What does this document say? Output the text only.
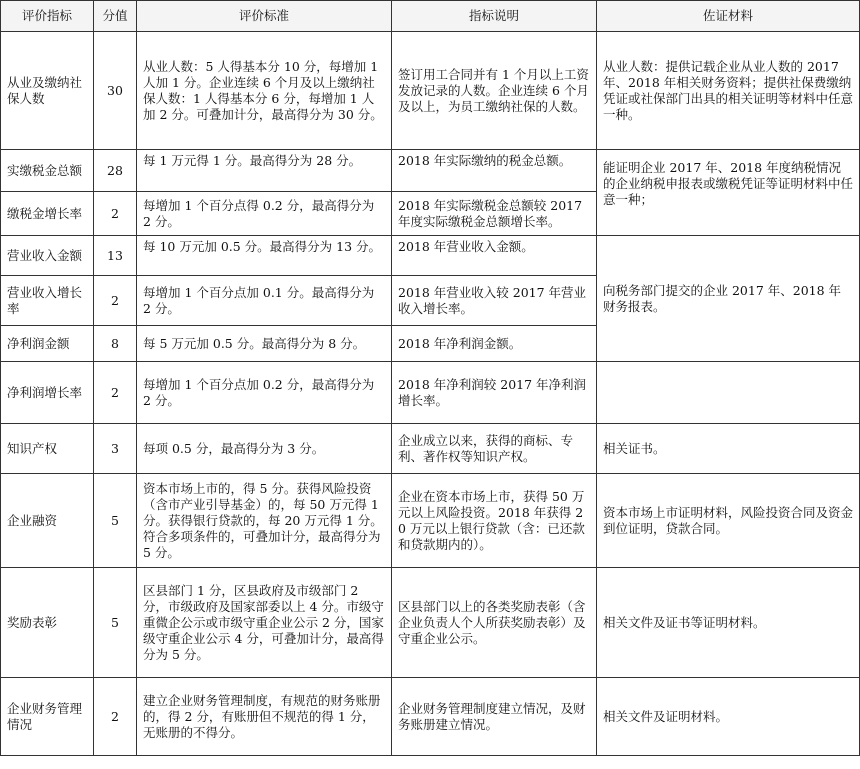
评价指标	分值	评价标准	指标说明	佐证材料
从业及缴纳社保人数	30	从业人数：5 人得基本分 10 分，每增加 1 人加 1 分。企业连续 6 个月及以上缴纳社保人数：1 人得基本分 6 分，每增加 1 人加 2 分。可叠加计分，最高得分为 30 分。	签订用工合同并有 1 个月以上工资发放记录的人数。企业连续 6 个月及以上，为员工缴纳社保的人数。	从业人数：提供记载企业从业人数的 2017 年、2018 年相关财务资料；提供社保费缴纳凭证或社保部门出具的相关证明等材料中任意一种。
实缴税金总额	28	每 1 万元得 1 分。最高得分为 28 分。	2018 年实际缴纳的税金总额。	能证明企业 2017 年、2018 年度纳税情况的企业纳税申报表或缴税凭证等证明材料中任意一种；
缴税金增长率	2	每增加 1 个百分点得 0.2 分，最高得分为 2 分。	2018 年实际缴税金总额较 2017 年度实际缴税金总额增长率。	
营业收入金额	13	每 10 万元加 0.5 分。最高得分为 13 分。	2018 年营业收入金额。	向税务部门提交的企业 2017 年、2018 年财务报表。
营业收入增长率	2	每增加 1 个百分点加 0.1 分。最高得分为 2 分。	2018 年营业收入较 2017 年营业收入增长率。	
净利润金额	8	每 5 万元加 0.5 分。最高得分为 8 分。	2018 年净利润金额。	
净利润增长率	2	每增加 1 个百分点加 0.2 分，最高得分为 2 分。	2018 年净利润较 2017 年净利润增长率。	
知识产权	3	每项 0.5 分，最高得分为 3 分。	企业成立以来，获得的商标、专利、著作权等知识产权。	相关证书。
企业融资	5	资本市场上市的，得 5 分。获得风险投资（含市产业引导基金）的，每 50 万元得 1 分。获得银行贷款的，每 20 万元得 1 分。符合多项条件的，可叠加计分，最高得分为 5 分。	企业在资本市场上市，获得 50 万元以上风险投资。2018 年获得 20 万元以上银行贷款（含：已还款和贷款期内的）。	资本市场上市证明材料，风险投资合同及资金到位证明，贷款合同。
奖励表彰	5	区县部门 1 分，区县政府及市级部门 2 分，市级政府及国家部委以上 4 分。市级守重微企公示或市级守重企业公示 2 分，国家级守重企业公示 4 分，可叠加计分，最高得分为 5 分。	区县部门以上的各类奖励表彰（含企业负责人个人所获奖励表彰）及守重企业公示。	相关文件及证书等证明材料。
企业财务管理情况	2	建立企业财务管理制度，有规范的财务账册的，得 2 分，有账册但不规范的得 1 分，无账册的不得分。	企业财务管理制度建立情况，及财务账册建立情况。	相关文件及证明材料。
